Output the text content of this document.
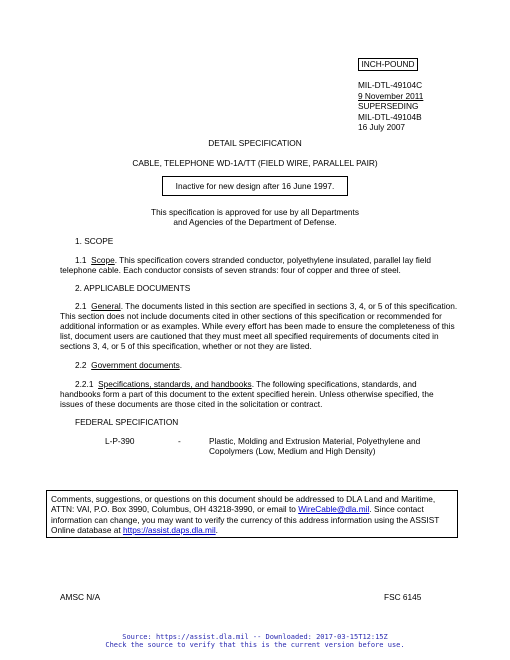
INCH-POUND
MIL-DTL-49104C
9 November 2011
SUPERSEDING
MIL-DTL-49104B
16 July 2007
DETAIL SPECIFICATION
CABLE, TELEPHONE WD-1A/TT (FIELD WIRE, PARALLEL PAIR)
Inactive for new design after 16 June 1997.
This specification is approved for use by all Departments
and Agencies of the Department of Defense.
1. SCOPE
1.1 Scope. This specification covers stranded conductor, polyethylene insulated, parallel lay field telephone cable. Each conductor consists of seven strands: four of copper and three of steel.
2. APPLICABLE DOCUMENTS
2.1 General. The documents listed in this section are specified in sections 3, 4, or 5 of this specification. This section does not include documents cited in other sections of this specification or recommended for additional information or as examples. While every effort has been made to ensure the completeness of this list, document users are cautioned that they must meet all specified requirements of documents cited in sections 3, 4, or 5 of this specification, whether or not they are listed.
2.2 Government documents.
2.2.1 Specifications, standards, and handbooks. The following specifications, standards, and handbooks form a part of this document to the extent specified herein. Unless otherwise specified, the issues of these documents are those cited in the solicitation or contract.
FEDERAL SPECIFICATION
L-P-390	-	Plastic, Molding and Extrusion Material, Polyethylene and Copolymers (Low, Medium and High Density)
Comments, suggestions, or questions on this document should be addressed to DLA Land and Maritime, ATTN: VAI, P.O. Box 3990, Columbus, OH 43218-3990, or email to WireCable@dla.mil. Since contact information can change, you may want to verify the currency of this address information using the ASSIST Online database at https://assist.daps.dla.mil.
AMSC N/A	FSC 6145
Source: https://assist.dla.mil -- Downloaded: 2017-03-15T12:15Z
Check the source to verify that this is the current version before use.
